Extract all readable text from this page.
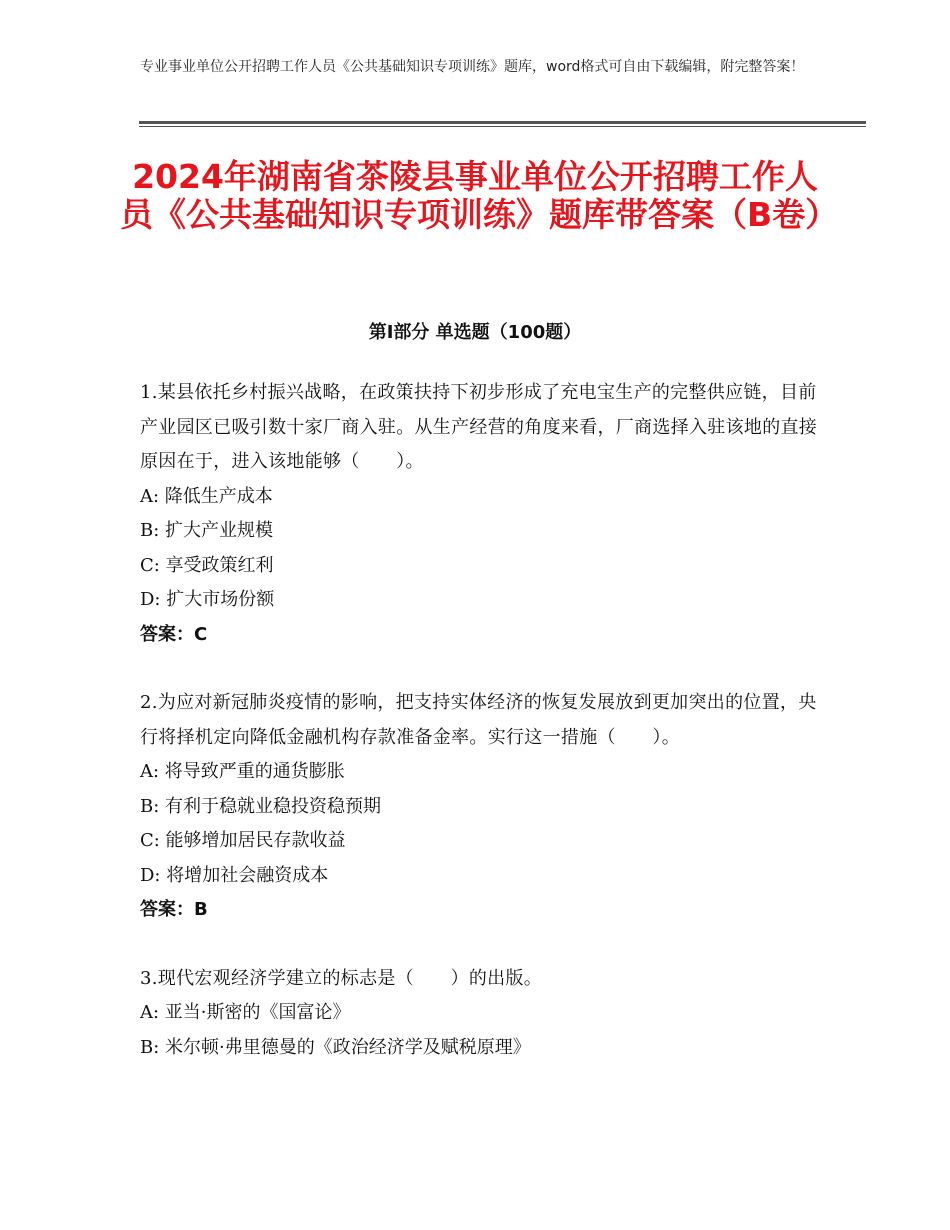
专业事业单位公开招聘工作人员《公共基础知识专项训练》题库，word格式可自由下载编辑，附完整答案！
2024年湖南省茶陵县事业单位公开招聘工作人员《公共基础知识专项训练》题库带答案（B卷）
第Ⅰ部分 单选题（100题）
1.某县依托乡村振兴战略，在政策扶持下初步形成了充电宝生产的完整供应链，目前产业园区已吸引数十家厂商入驻。从生产经营的角度来看，厂商选择入驻该地的直接原因在于，进入该地能够（　　）。
A: 降低生产成本
B: 扩大产业规模
C: 享受政策红利
D: 扩大市场份额
答案：C
2.为应对新冠肺炎疫情的影响，把支持实体经济的恢复发展放到更加突出的位置，央行将择机定向降低金融机构存款准备金率。实行这一措施（　　）。
A: 将导致严重的通货膨胀
B: 有利于稳就业稳投资稳预期
C: 能够增加居民存款收益
D: 将增加社会融资成本
答案：B
3.现代宏观经济学建立的标志是（　　）的出版。
A: 亚当·斯密的《国富论》
B: 米尔顿·弗里德曼的《政治经济学及赋税原理》
